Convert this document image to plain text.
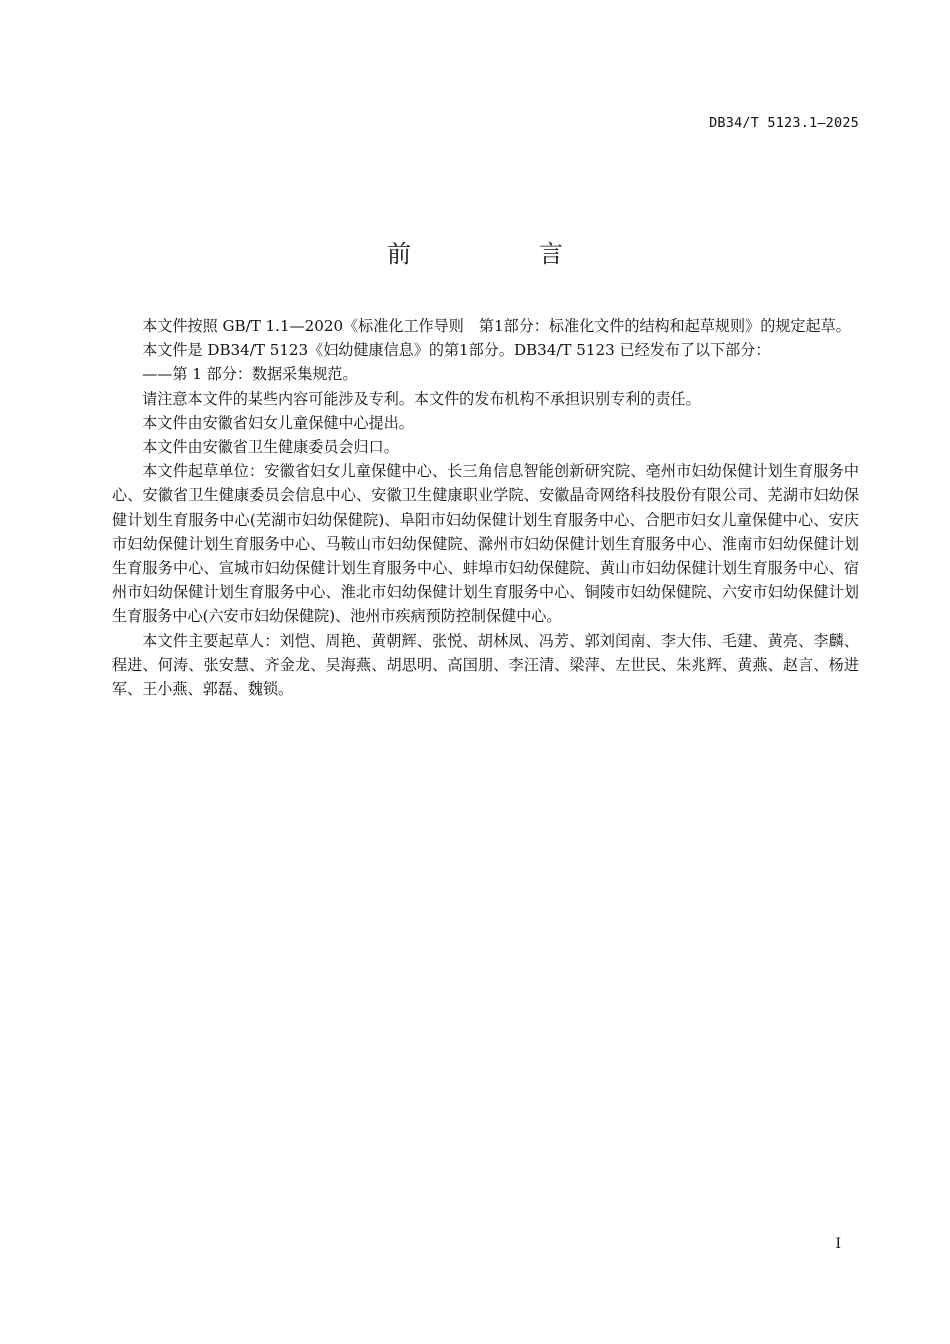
DB34/T 5123.1—2025
前　言

本文件按照 GB/T 1.1—2020《标准化工作导则　第1部分：标准化文件的结构和起草规则》的规定起草。

本文件是 DB34/T 5123《妇幼健康信息》的第1部分。DB34/T 5123 已经发布了以下部分：

——第 1 部分：数据采集规范。

请注意本文件的某些内容可能涉及专利。本文件的发布机构不承担识别专利的责任。

本文件由安徽省妇女儿童保健中心提出。

本文件由安徽省卫生健康委员会归口。

本文件起草单位：安徽省妇女儿童保健中心、长三角信息智能创新研究院、亳州市妇幼保健计划生育服务中心、安徽省卫生健康委员会信息中心、安徽卫生健康职业学院、安徽晶奇网络科技股份有限公司、芜湖市妇幼保健计划生育服务中心(芜湖市妇幼保健院)、阜阳市妇幼保健计划生育服务中心、合肥市妇女儿童保健中心、安庆市妇幼保健计划生育服务中心、马鞍山市妇幼保健院、滁州市妇幼保健计划生育服务中心、淮南市妇幼保健计划生育服务中心、宣城市妇幼保健计划生育服务中心、蚌埠市妇幼保健院、黄山市妇幼保健计划生育服务中心、宿州市妇幼保健计划生育服务中心、淮北市妇幼保健计划生育服务中心、铜陵市妇幼保健院、六安市妇幼保健计划生育服务中心(六安市妇幼保健院)、池州市疾病预防控制保健中心。

本文件主要起草人：刘恺、周艳、黄朝辉、张悦、胡林凤、冯芳、郭刘闰南、李大伟、毛建、黄亮、李麟、程进、何涛、张安慧、齐金龙、吴海燕、胡思明、高国朋、李汪清、梁萍、左世民、朱兆辉、黄燕、赵言、杨进军、王小燕、郭磊、魏锁。

I
